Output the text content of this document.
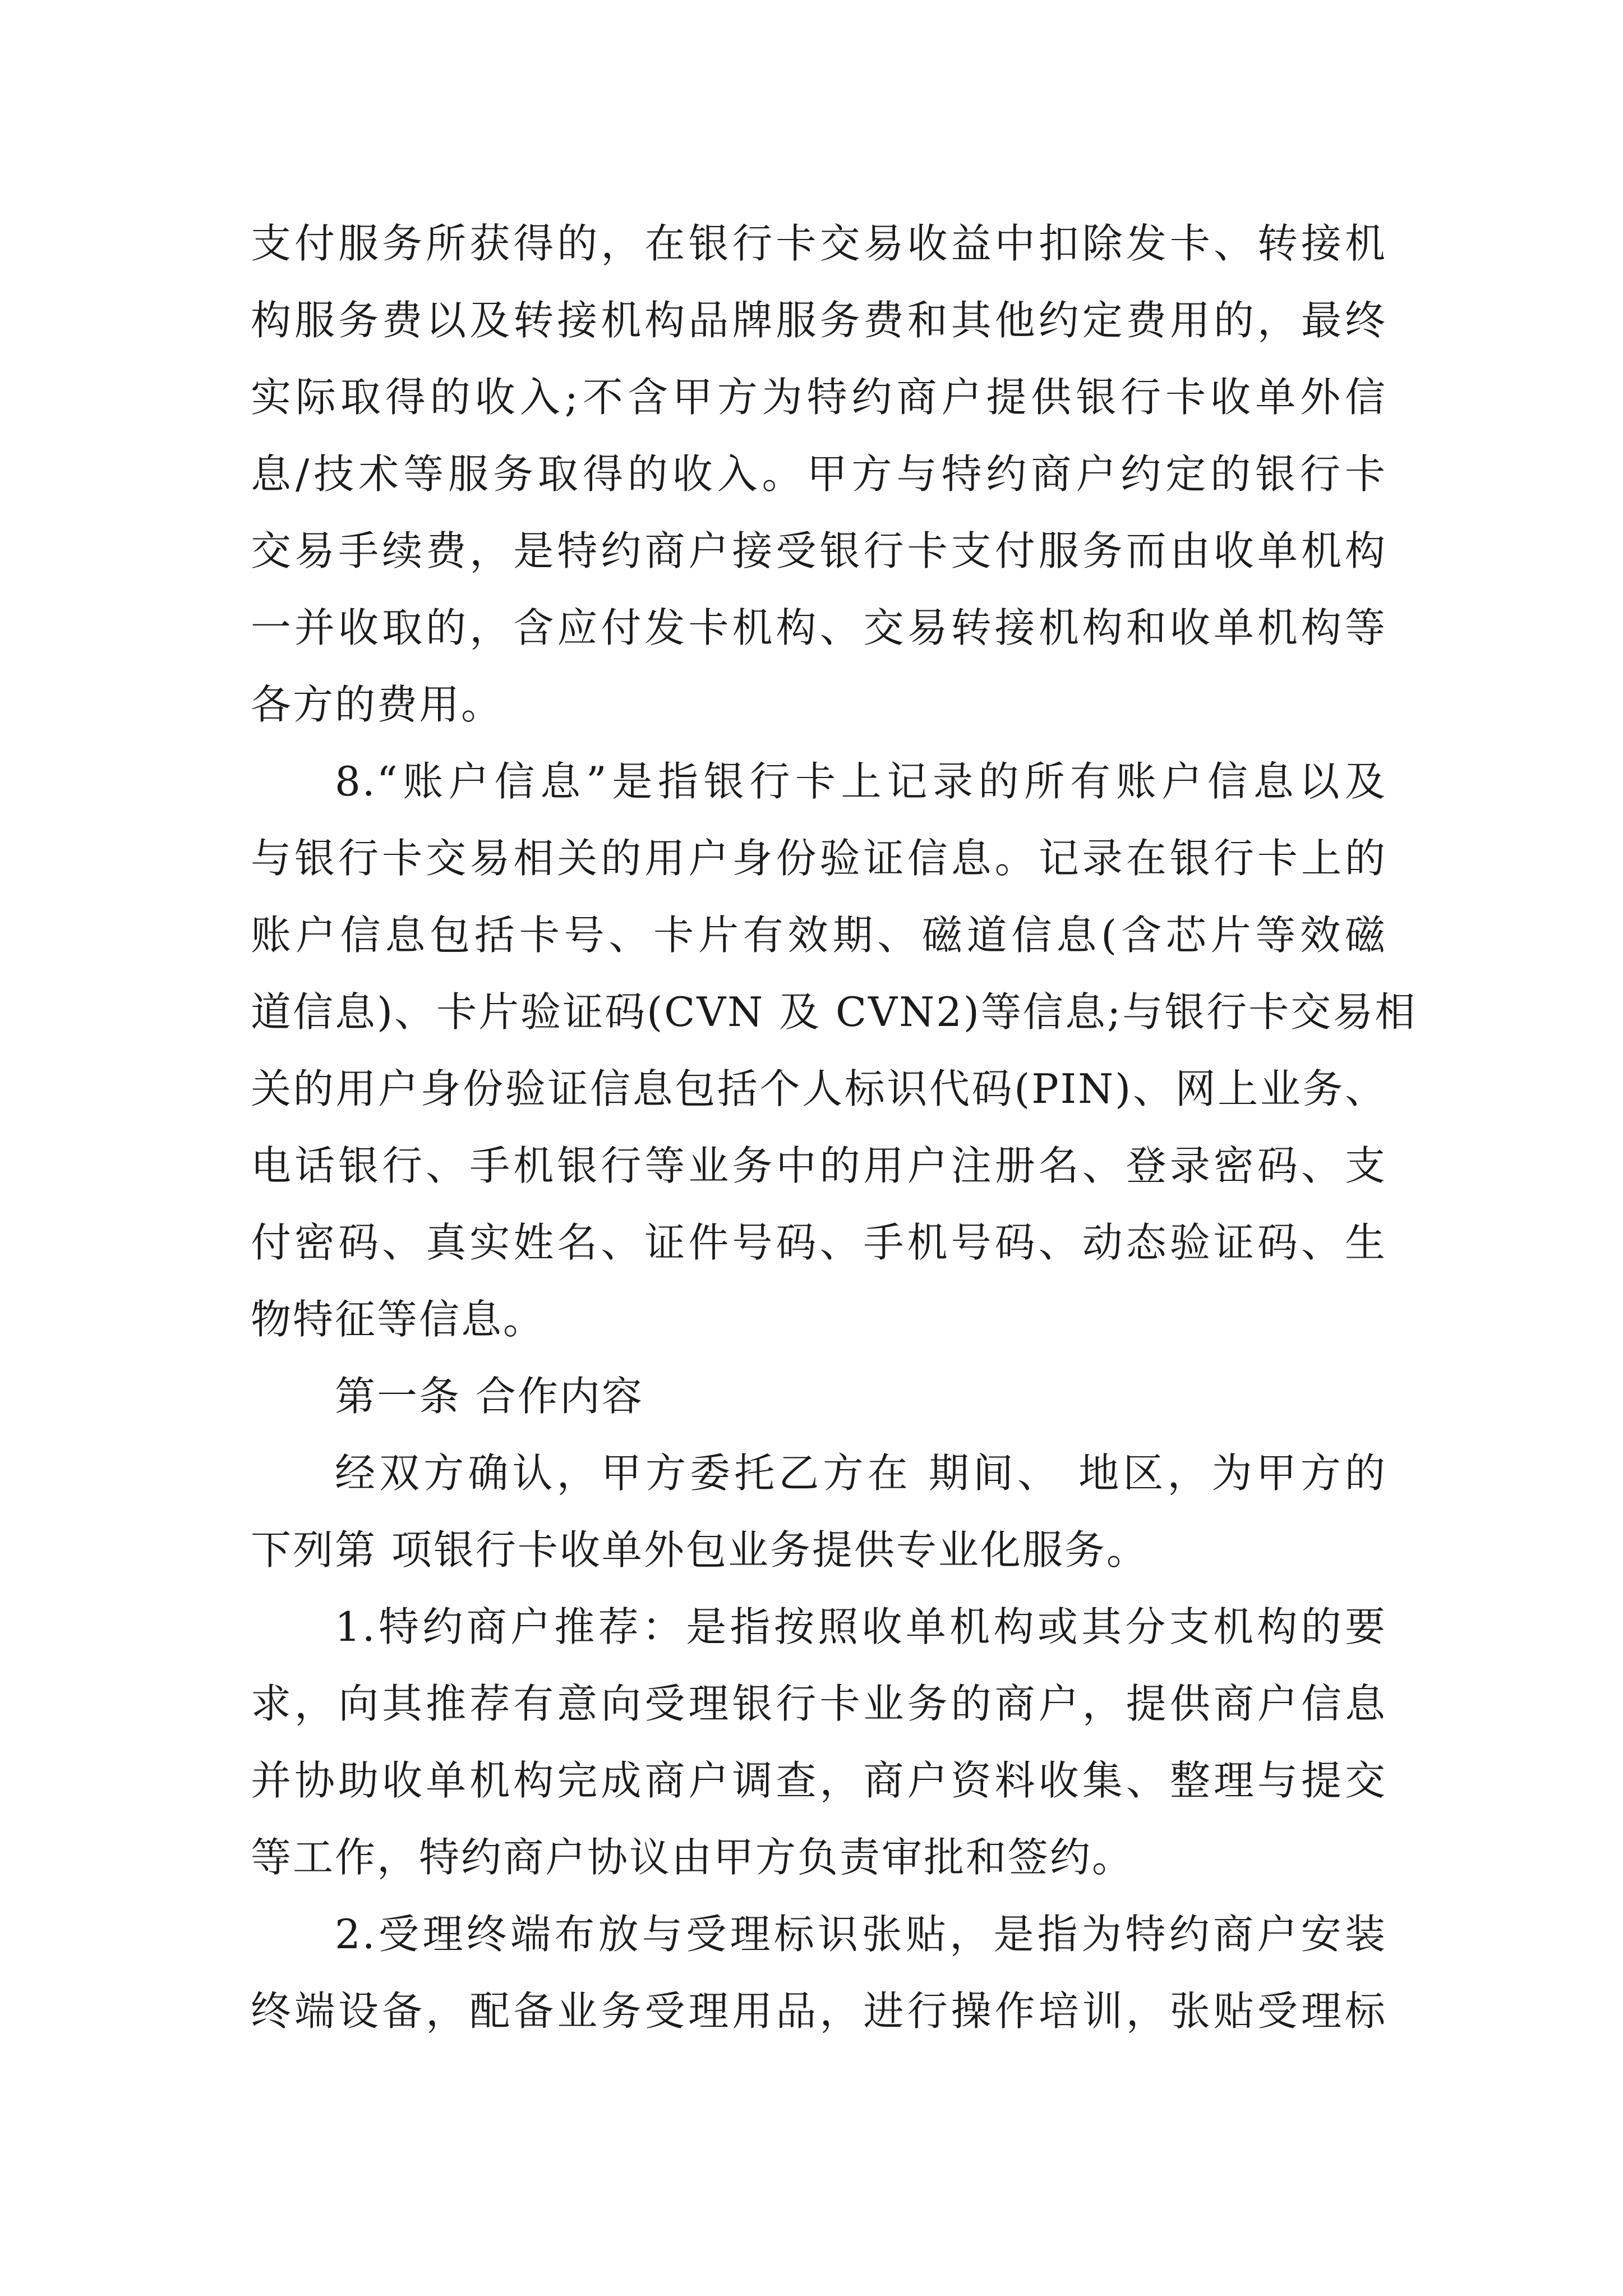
支付服务所获得的，在银行卡交易收益中扣除发卡、转接机
构服务费以及转接机构品牌服务费和其他约定费用的，最终
实际取得的收入;不含甲方为特约商户提供银行卡收单外信
息/技术等服务取得的收入。甲方与特约商户约定的银行卡
交易手续费，是特约商户接受银行卡支付服务而由收单机构
一并收取的，含应付发卡机构、交易转接机构和收单机构等
各方的费用。
8.“账户信息”是指银行卡上记录的所有账户信息以及
与银行卡交易相关的用户身份验证信息。记录在银行卡上的
账户信息包括卡号、卡片有效期、磁道信息(含芯片等效磁
道信息)、卡片验证码(CVN 及 CVN2)等信息;与银行卡交易相
关的用户身份验证信息包括个人标识代码(PIN)、网上业务、
电话银行、手机银行等业务中的用户注册名、登录密码、支
付密码、真实姓名、证件号码、手机号码、动态验证码、生
物特征等信息。
第一条 合作内容
经双方确认，甲方委托乙方在 期间、 地区，为甲方的
下列第 项银行卡收单外包业务提供专业化服务。
1.特约商户推荐：是指按照收单机构或其分支机构的要
求，向其推荐有意向受理银行卡业务的商户，提供商户信息
并协助收单机构完成商户调查，商户资料收集、整理与提交
等工作，特约商户协议由甲方负责审批和签约。
2.受理终端布放与受理标识张贴，是指为特约商户安装
终端设备，配备业务受理用品，进行操作培训，张贴受理标
